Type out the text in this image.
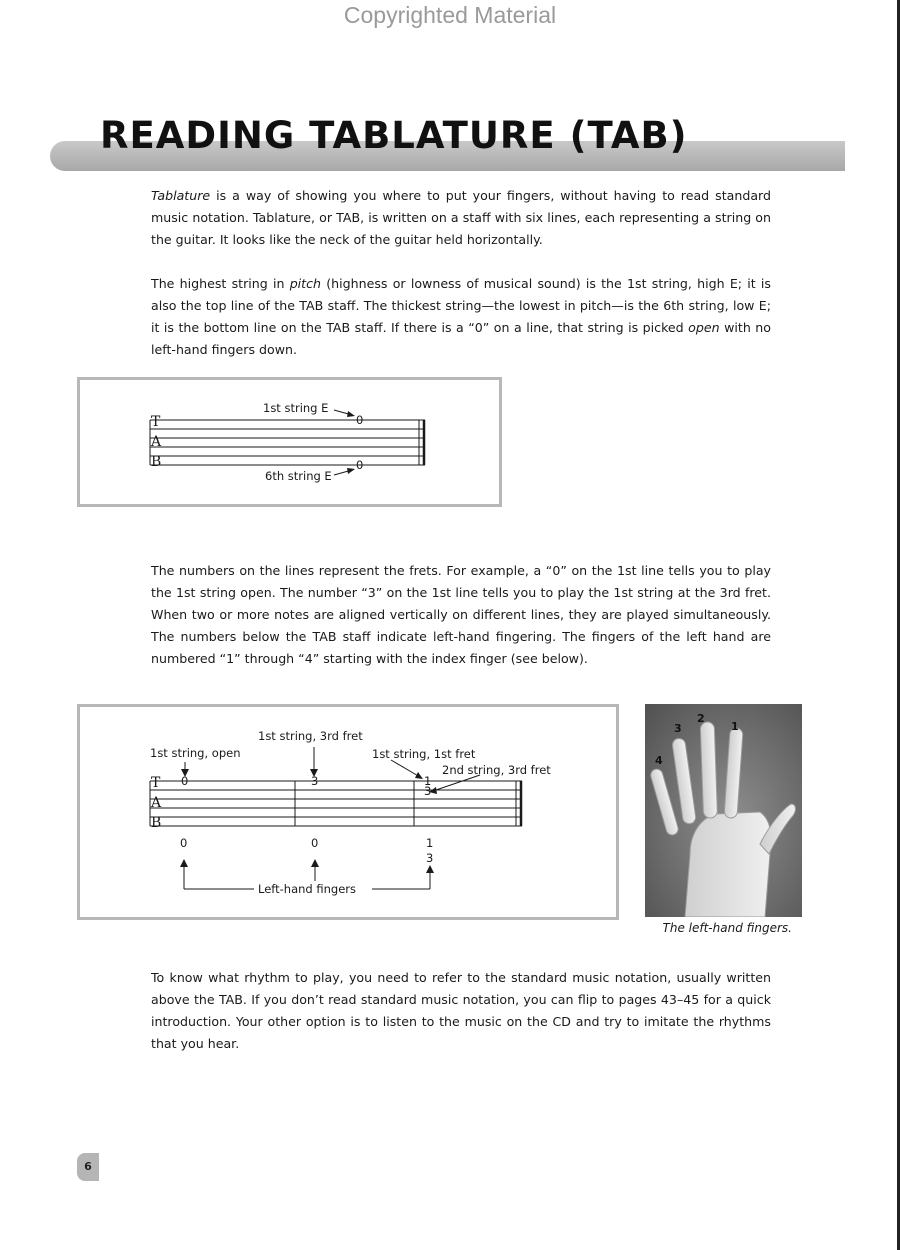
Copyrighted Material
READING TABLATURE (TAB)

Tablature is a way of showing you where to put your fingers, without having to read standard music notation. Tablature, or TAB, is written on a staff with six lines, each representing a string on the guitar. It looks like the neck of the guitar held horizontally.

The highest string in pitch (highness or lowness of musical sound) is the 1st string, high E; it is also the top line of the TAB staff. The thickest string—the lowest in pitch—is the 6th string, low E; it is the bottom line on the TAB staff. If there is a “0” on a line, that string is picked open with no left-hand fingers down.

T
A
B
1st string E
6th string E
0
0

The numbers on the lines represent the frets. For example, a “0” on the 1st line tells you to play the 1st string open. The number “3” on the 1st line tells you to play the 1st string at the 3rd fret. When two or more notes are aligned vertically on different lines, they are played simultaneously. The numbers below the TAB staff indicate left-hand fingering. The fingers of the left hand are numbered “1” through “4” starting with the index finger (see below).

T
A
B
1st string, open
1st string, 3rd fret
1st string, 1st fret
2nd string, 3rd fret
0	3	1
3
0	0	1
3
Left-hand fingers
1
2
3
4
The left-hand fingers.

To know what rhythm to play, you need to refer to the standard music notation, usually written above the TAB. If you don’t read standard music notation, you can flip to pages 43–45 for a quick introduction. Your other option is to listen to the music on the CD and try to imitate the rhythms that you hear.

6
